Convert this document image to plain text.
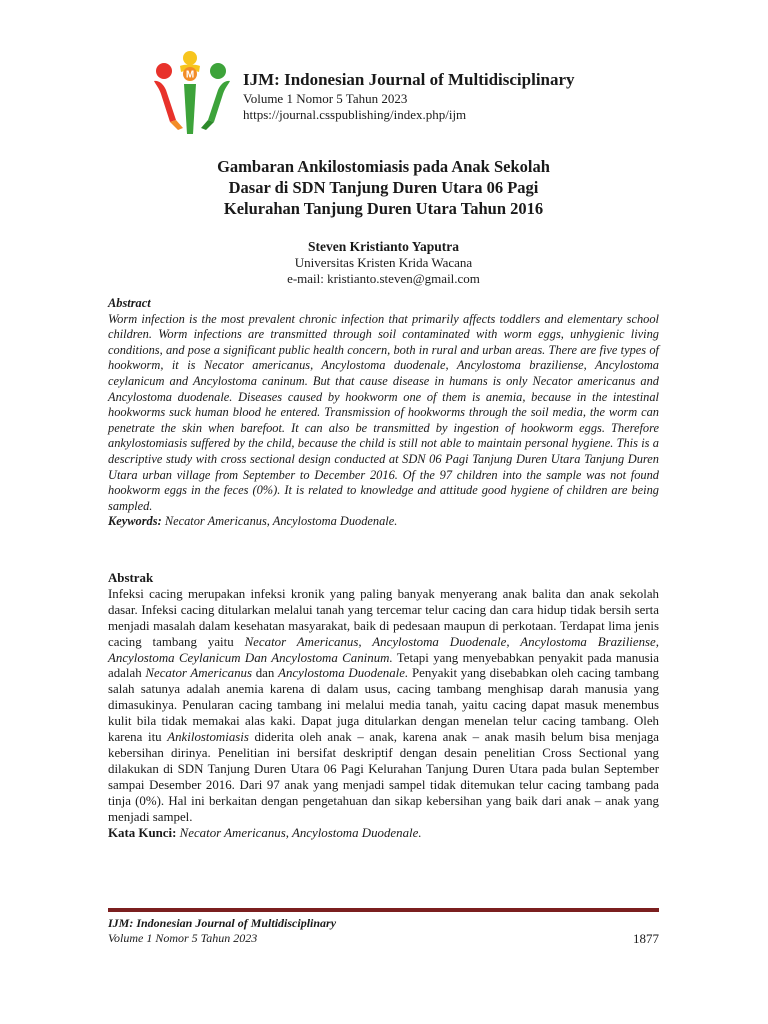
M	IJM: Indonesian Journal of Multidisciplinary
Volume 1 Nomor 5 Tahun 2023
https://journal.csspublishing/index.php/ijm
Gambaran Ankilostomiasis pada Anak Sekolah
Dasar di SDN Tanjung Duren Utara 06 Pagi
Kelurahan Tanjung Duren Utara Tahun 2016
Steven Kristianto Yaputra
Universitas Kristen Krida Wacana
e-mail: kristianto.steven@gmail.com
Abstract
Worm infection is the most prevalent chronic infection that primarily affects toddlers and elementary school children. Worm infections are transmitted through soil contaminated with worm eggs, unhygienic living conditions, and pose a significant public health concern, both in rural and urban areas. There are five types of hookworm, it is Necator americanus, Ancylostoma duodenale, Ancylostoma braziliense, Ancylostoma ceylanicum and Ancylostoma caninum. But that cause disease in humans is only Necator americanus and Ancylostoma duodenale. Diseases caused by hookworm one of them is anemia, because in the intestinal hookworms suck human blood he entered. Transmission of hookworms through the soil media, the worm can penetrate the skin when barefoot. It can also be transmitted by ingestion of hookworm eggs. Therefore ankylostomiasis suffered by the child, because the child is still not able to maintain personal hygiene. This is a descriptive study with cross sectional design conducted at SDN 06 Pagi Tanjung Duren Utara Tanjung Duren Utara urban village from September to December 2016. Of the 97 children into the sample was not found hookworm eggs in the feces (0%). It is related to knowledge and attitude good hygiene of children are being sampled.
Keywords: Necator Americanus, Ancylostoma Duodenale.
Abstrak
Infeksi cacing merupakan infeksi kronik yang paling banyak menyerang anak balita dan anak sekolah dasar. Infeksi cacing ditularkan melalui tanah yang tercemar telur cacing dan cara hidup tidak bersih serta menjadi masalah dalam kesehatan masyarakat, baik di pedesaan maupun di perkotaan. Terdapat lima jenis cacing tambang yaitu Necator Americanus, Ancylostoma Duodenale, Ancylostoma Braziliense, Ancylostoma Ceylanicum Dan Ancylostoma Caninum. Tetapi yang menyebabkan penyakit pada manusia adalah Necator Americanus dan Ancylostoma Duodenale. Penyakit yang disebabkan oleh cacing tambang salah satunya adalah anemia karena di dalam usus, cacing tambang menghisap darah manusia yang dimasukinya. Penularan cacing tambang ini melalui media tanah, yaitu cacing dapat masuk menembus kulit bila tidak memakai alas kaki. Dapat juga ditularkan dengan menelan telur cacing tambang. Oleh karena itu Ankilostomiasis diderita oleh anak – anak, karena anak – anak masih belum bisa menjaga kebersihan dirinya. Penelitian ini bersifat deskriptif dengan desain penelitian Cross Sectional yang dilakukan di SDN Tanjung Duren Utara 06 Pagi Kelurahan Tanjung Duren Utara pada bulan September sampai Desember 2016. Dari 97 anak yang menjadi sampel tidak ditemukan telur cacing tambang pada tinja (0%). Hal ini berkaitan dengan pengetahuan dan sikap kebersihan yang baik dari anak – anak yang menjadi sampel.
Kata Kunci: Necator Americanus, Ancylostoma Duodenale.
IJM: Indonesian Journal of Multidisciplinary
Volume 1 Nomor 5 Tahun 2023	1877
